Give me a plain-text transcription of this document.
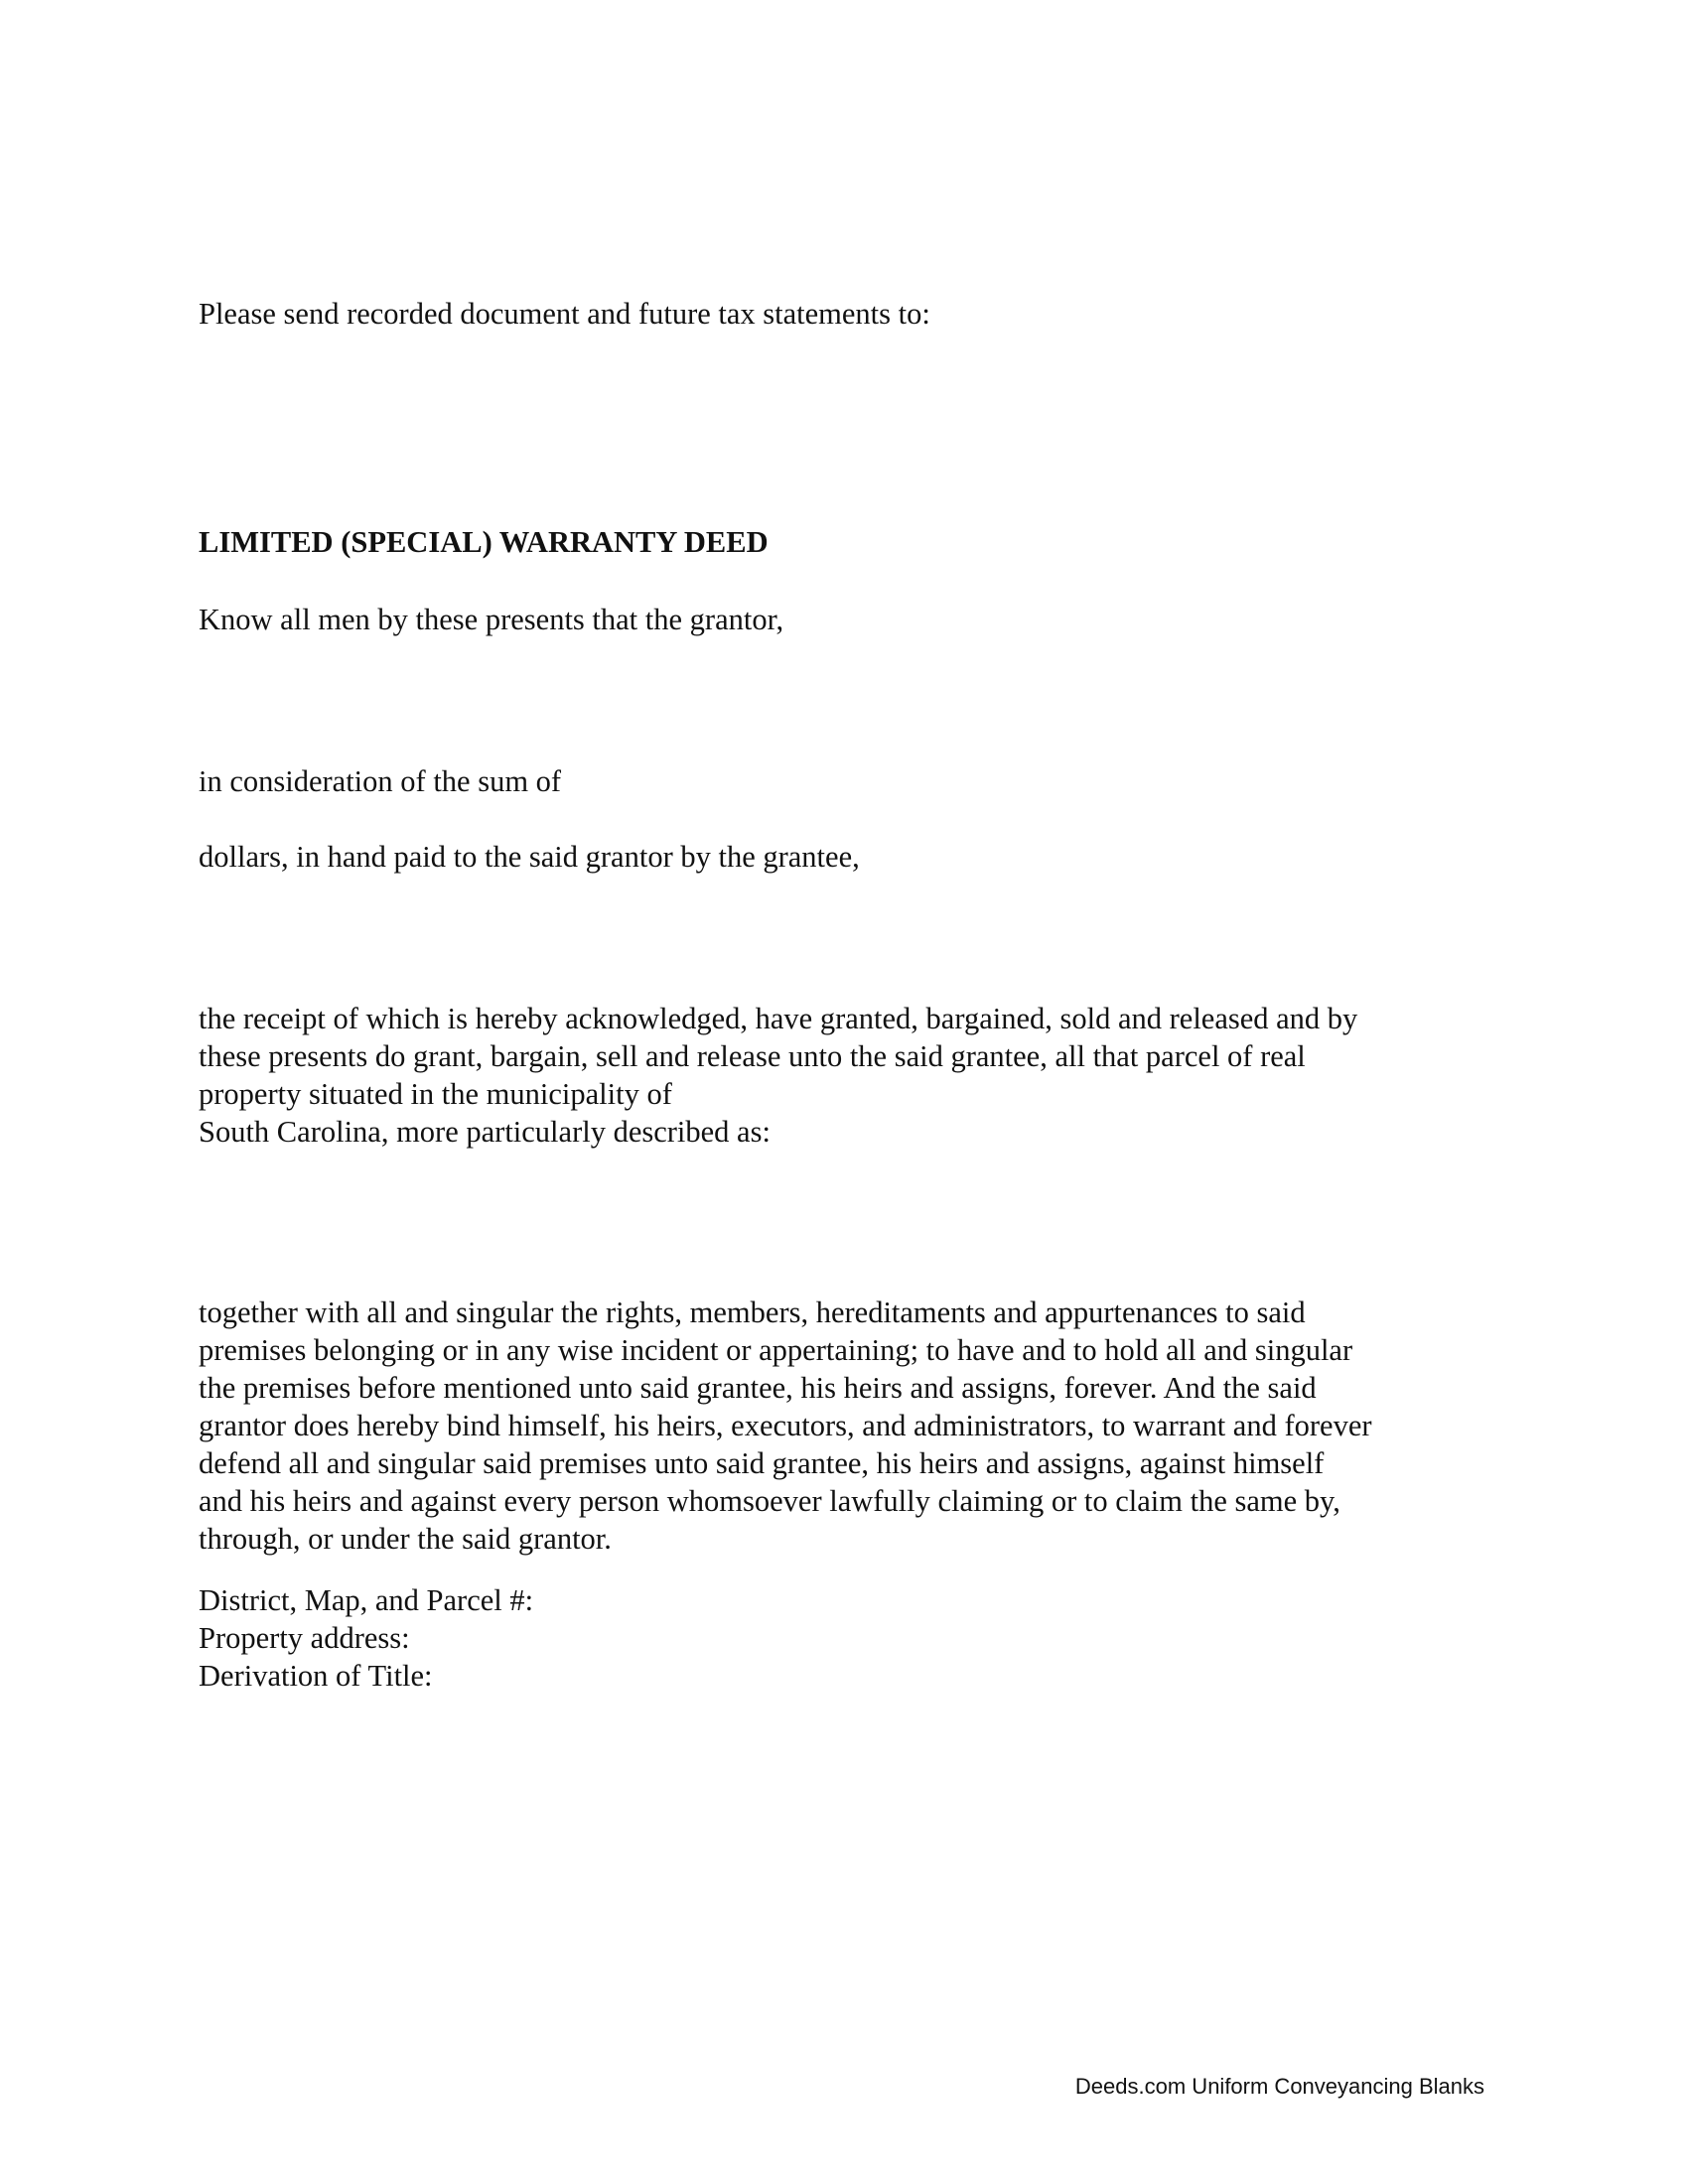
Please send recorded document and future tax statements to:

LIMITED (SPECIAL) WARRANTY DEED

Know all men by these presents that the grantor,

in consideration of the sum of

dollars, in hand paid to the said grantor by the grantee,

the receipt of which is hereby acknowledged, have granted, bargained, sold and released and by

these presents do grant, bargain, sell and release unto the said grantee, all that parcel of real

property situated in the municipality of

South Carolina, more particularly described as:

together with all and singular the rights, members, hereditaments and appurtenances to said

premises belonging or in any wise incident or appertaining; to have and to hold all and singular

the premises before mentioned unto said grantee, his heirs and assigns, forever. And the said

grantor does hereby bind himself, his heirs, executors, and administrators, to warrant and forever

defend all and singular said premises unto said grantee, his heirs and assigns, against himself

and his heirs and against every person whomsoever lawfully claiming or to claim the same by,

through, or under the said grantor.

District, Map, and Parcel #:

Property address:

Derivation of Title:

Deeds.com Uniform Conveyancing Blanks
